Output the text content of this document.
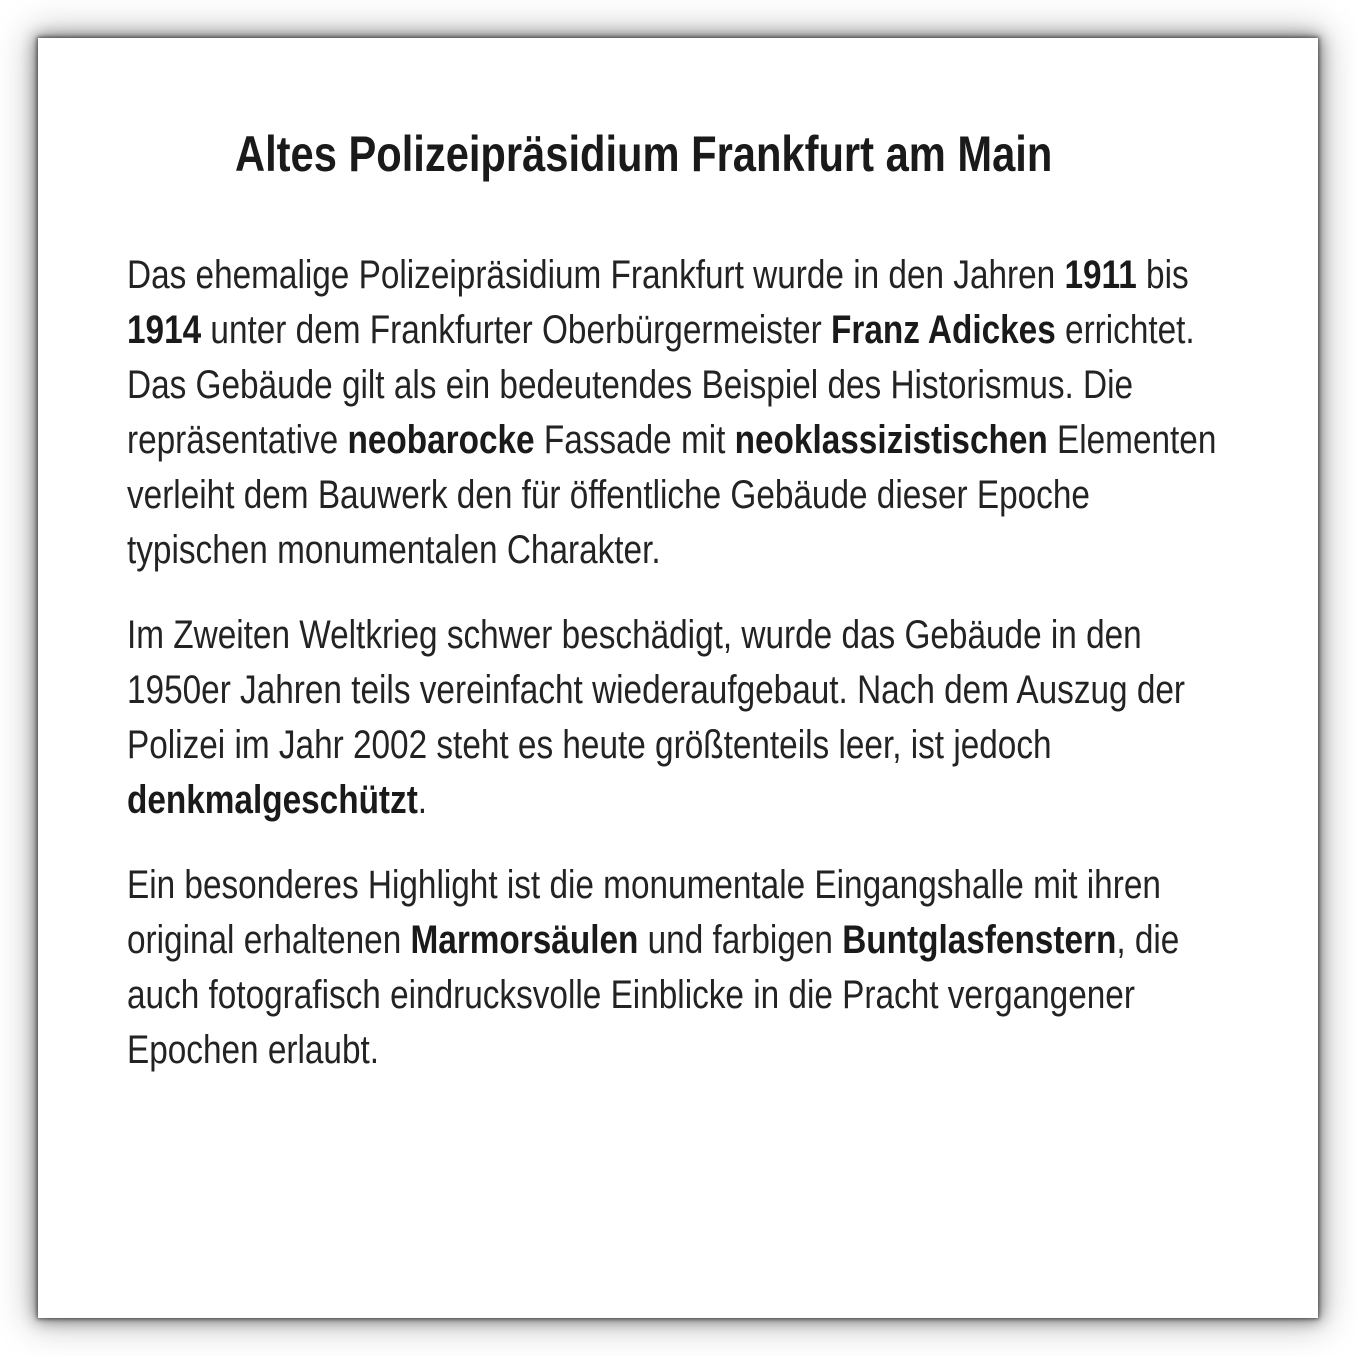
Altes Polizeipräsidium Frankfurt am Main

Das ehemalige Polizeipräsidium Frankfurt wurde in den Jahren 1911 bis 1914 unter dem Frankfurter Oberbürgermeister Franz Adickes errichtet. Das Gebäude gilt als ein bedeutendes Beispiel des Historismus. Die repräsentative neobarocke Fassade mit neoklassizistischen Elementen verleiht dem Bauwerk den für öffentliche Gebäude dieser Epoche typischen monumentalen Charakter.

Im Zweiten Weltkrieg schwer beschädigt, wurde das Gebäude in den 1950er Jahren teils vereinfacht wiederaufgebaut. Nach dem Auszug der Polizei im Jahr 2002 steht es heute größtenteils leer, ist jedoch denkmalgeschützt.

Ein besonderes Highlight ist die monumentale Eingangshalle mit ihren original erhaltenen Marmorsäulen und farbigen Buntglasfenstern, die auch fotografisch eindrucksvolle Einblicke in die Pracht vergangener Epochen erlaubt.
